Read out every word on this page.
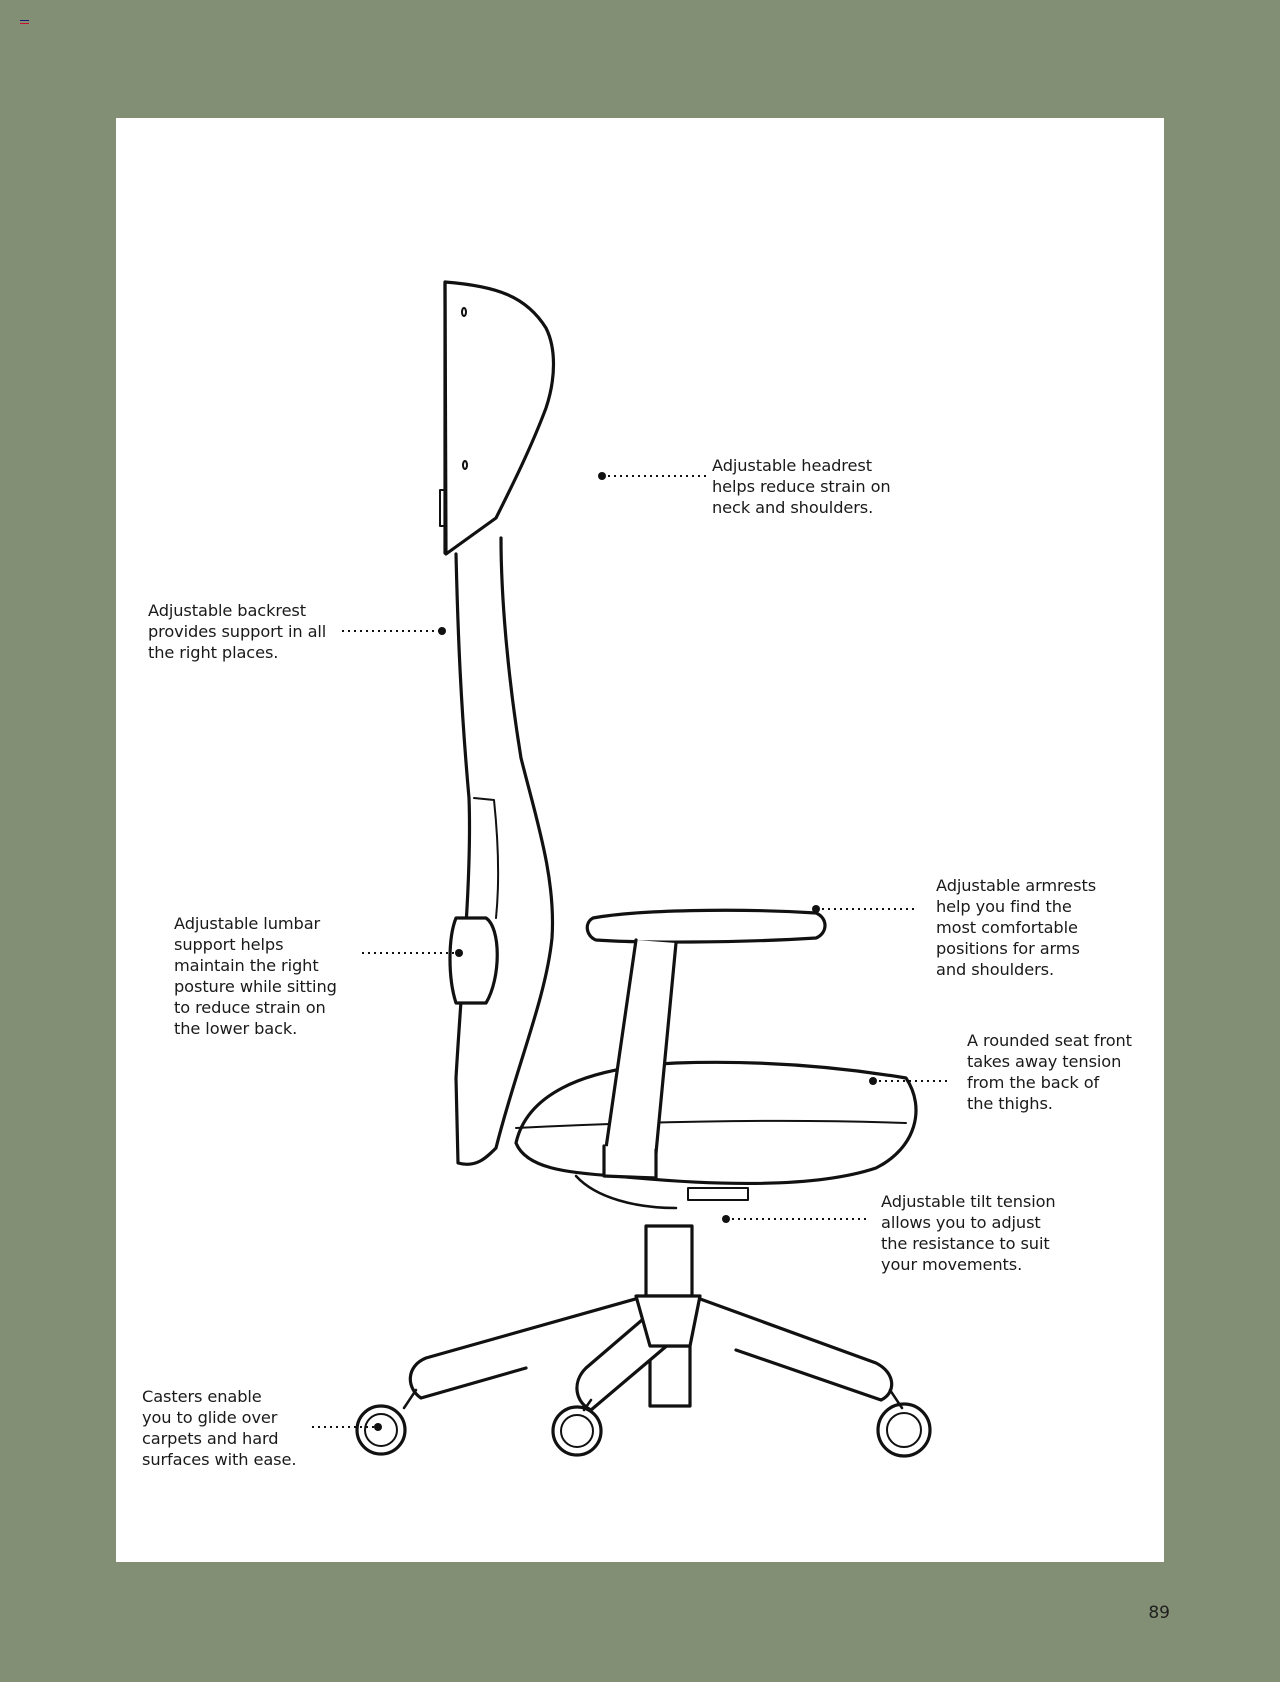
Adjustable headrest
helps reduce strain on
neck and shoulders.

Adjustable backrest
provides support in all
the right places.

Adjustable lumbar
support helps
maintain the right
posture while sitting
to reduce strain on
the lower back.

Adjustable armrests
help you find the
most comfortable
positions for arms
and shoulders.

A rounded seat front
takes away tension
from the back of
the thighs.

Adjustable tilt tension
allows you to adjust
the resistance to suit
your movements.

Casters enable
you to glide over
carpets and hard
surfaces with ease.

89
